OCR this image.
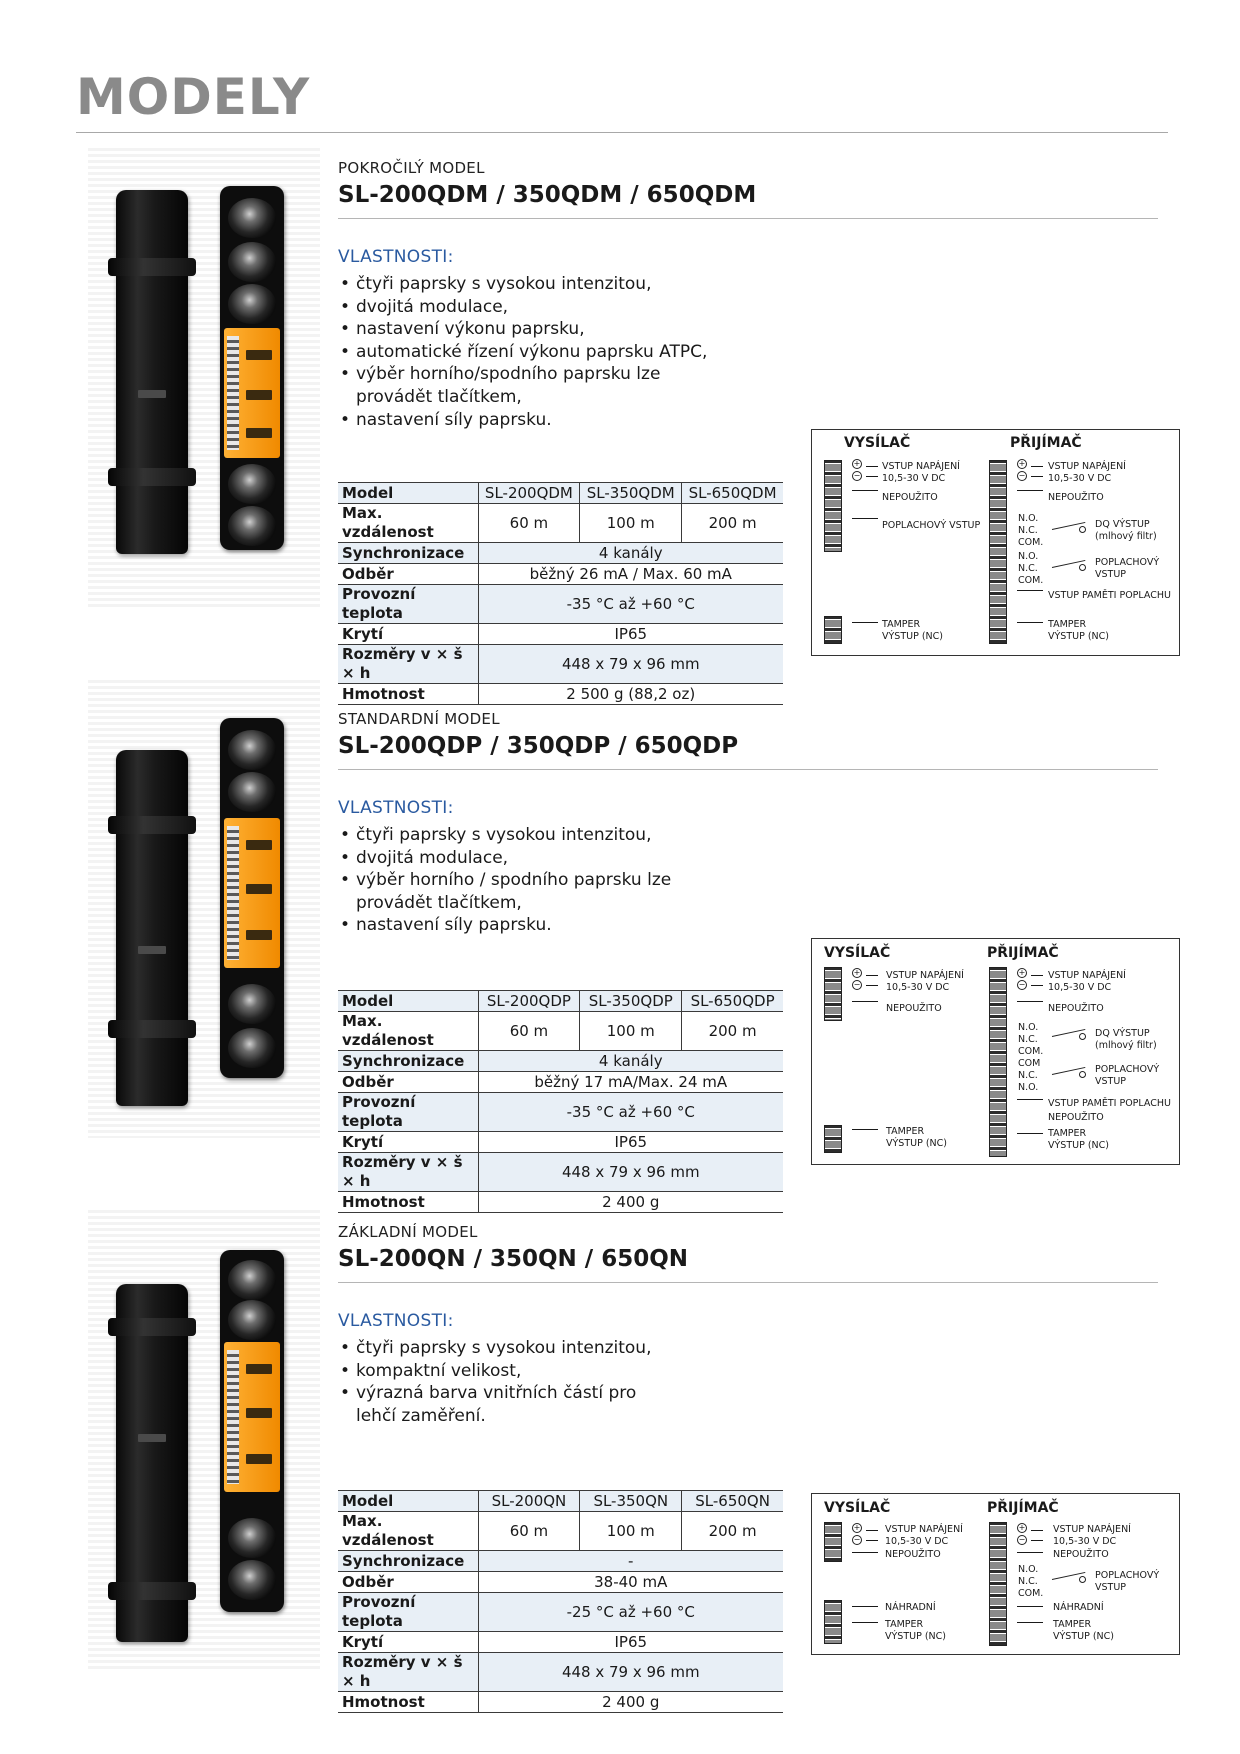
MODELY
POKROČILÝ MODEL
SL-200QDM / 350QDM / 650QDM
VLASTNOSTI:
• čtyři paprsky s vysokou intenzitou,
• dvojitá modulace,
• nastavení výkonu paprsku,
• automatické řízení výkonu paprsku ATPC,
• výběr horního/spodního paprsku lze provádět tlačítkem,
• nastavení síly paprsku.
Model	SL-200QDM	SL-350QDM	SL-650QDM
Max. vzdálenost	60 m	100 m	200 m
Synchronizace	4 kanály		
Odběr	běžný 26 mA / Max. 60 mA		
Provozní teplota	-35 °C až +60 °C		
Krytí	IP65		
Rozměry v × š × h	448 x 79 x 96 mm		
Hmotnost	2 500 g (88,2 oz)		
VYSÍLAČ	PŘIJÍMAČ
+
−
VSTUP NAPÁJENÍ
10,5-30 V DC
NEPOUŽITO
POPLACHOVÝ VSTUP
TAMPER
VÝSTUP (NC)
+
−
VSTUP NAPÁJENÍ
10,5-30 V DC
NEPOUŽITO
N.O.
N.C.
COM.
DQ VÝSTUP
(mlhový filtr)
N.O.
N.C.
COM.
POPLACHOVÝ
VSTUP
VSTUP PAMĚTI POPLACHU
TAMPER
VÝSTUP (NC)
STANDARDNÍ MODEL
SL-200QDP / 350QDP / 650QDP
VLASTNOSTI:
• čtyři paprsky s vysokou intenzitou,
• dvojitá modulace,
• výběr horního / spodního paprsku lze provádět tlačítkem,
• nastavení síly paprsku.
Model	SL-200QDP	SL-350QDP	SL-650QDP
Max. vzdálenost	60 m	100 m	200 m
Synchronizace	4 kanály		
Odběr	běžný 17 mA/Max. 24 mA		
Provozní teplota	-35 °C až +60 °C		
Krytí	IP65		
Rozměry v × š × h	448 x 79 x 96 mm		
Hmotnost	2 400 g		
VYSÍLAČ	PŘIJÍMAČ
+
−
VSTUP NAPÁJENÍ
10,5-30 V DC
NEPOUŽITO
TAMPER
VÝSTUP (NC)
+
−
VSTUP NAPÁJENÍ
10,5-30 V DC
NEPOUŽITO
N.O.
N.C.
COM.
DQ VÝSTUP
(mlhový filtr)
COM
N.C.
N.O.
POPLACHOVÝ
VSTUP
VSTUP PAMĚTI POPLACHU
NEPOUŽITO
TAMPER
VÝSTUP (NC)
ZÁKLADNÍ MODEL
SL-200QN / 350QN / 650QN
VLASTNOSTI:
• čtyři paprsky s vysokou intenzitou,
• kompaktní velikost,
• výrazná barva vnitřních částí pro lehčí zaměření.
Model	SL-200QN	SL-350QN	SL-650QN
Max. vzdálenost	60 m	100 m	200 m
Synchronizace	-		
Odběr	38-40 mA		
Provozní teplota	-25 °C až +60 °C		
Krytí	IP65		
Rozměry v × š × h	448 x 79 x 96 mm		
Hmotnost	2 400 g		
VYSÍLAČ	PŘIJÍMAČ
+
−
VSTUP NAPÁJENÍ
10,5-30 V DC
NEPOUŽITO
NÁHRADNÍ
TAMPER
VÝSTUP (NC)
+
−
VSTUP NAPÁJENÍ
10,5-30 V DC
NEPOUŽITO
N.O.
N.C.
COM.
POPLACHOVÝ
VSTUP
NÁHRADNÍ
TAMPER
VÝSTUP (NC)
